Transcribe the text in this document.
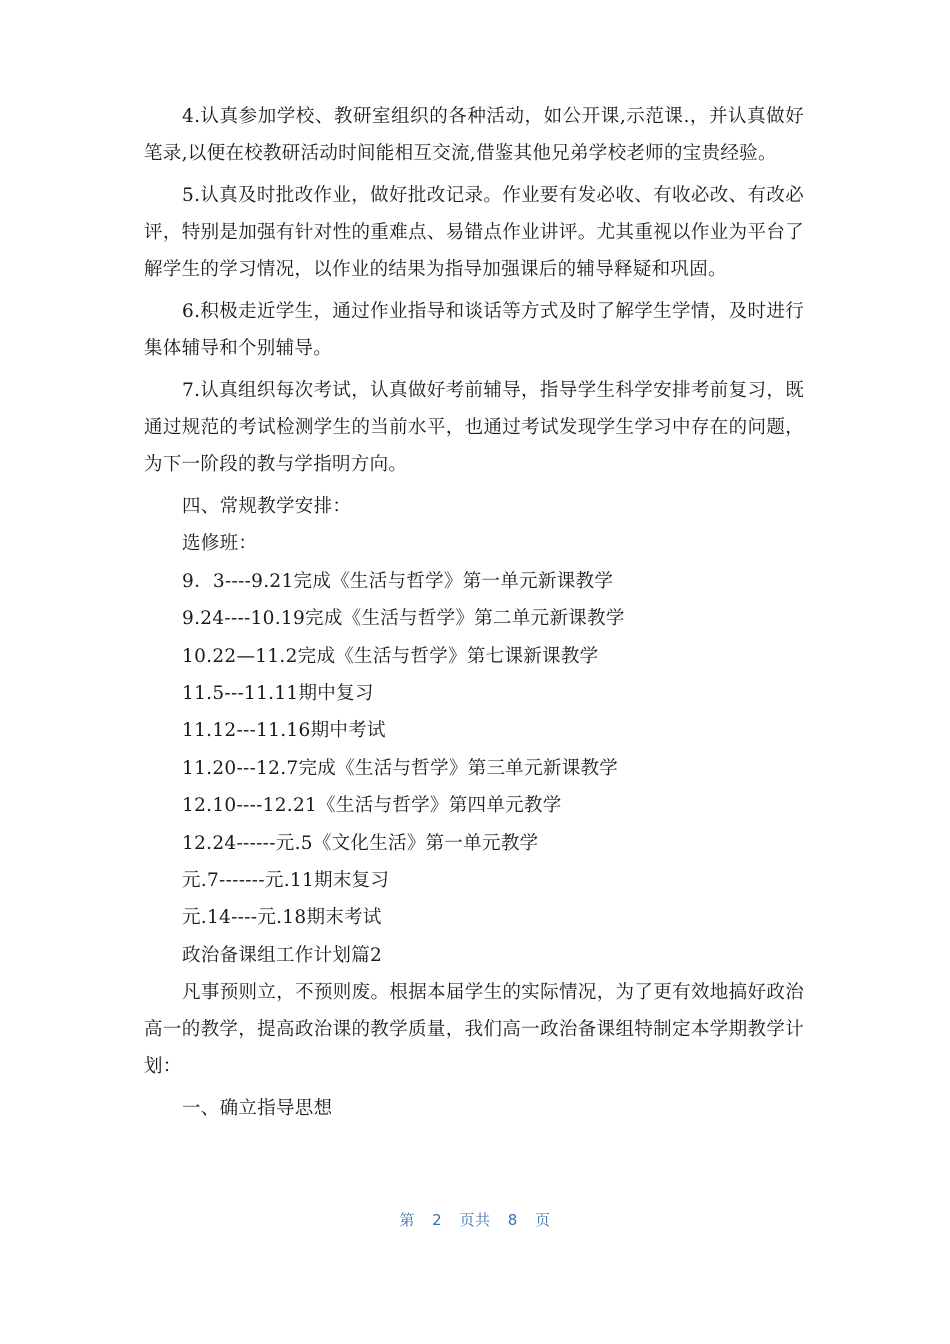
4.认真参加学校、教研室组织的各种活动，如公开课,示范课.，并认真做好笔录,以便在校教研活动时间能相互交流,借鉴其他兄弟学校老师的宝贵经验。

5.认真及时批改作业，做好批改记录。作业要有发必收、有收必改、有改必评，特别是加强有针对性的重难点、易错点作业讲评。尤其重视以作业为平台了解学生的学习情况，以作业的结果为指导加强课后的辅导释疑和巩固。

6.积极走近学生，通过作业指导和谈话等方式及时了解学生学情，及时进行集体辅导和个别辅导。

7.认真组织每次考试，认真做好考前辅导，指导学生科学安排考前复习，既通过规范的考试检测学生的当前水平，也通过考试发现学生学习中存在的问题，为下一阶段的教与学指明方向。

四、常规教学安排：

选修班：

9．3----9.21完成《生活与哲学》第一单元新课教学

9.24----10.19完成《生活与哲学》第二单元新课教学

10.22—11.2完成《生活与哲学》第七课新课教学

11.5---11.11期中复习

11.12---11.16期中考试

11.20---12.7完成《生活与哲学》第三单元新课教学

12.10----12.21《生活与哲学》第四单元教学

12.24------元.5《文化生活》第一单元教学

元.7-------元.11期末复习

元.14----元.18期末考试

政治备课组工作计划篇2

凡事预则立，不预则废。根据本届学生的实际情况，为了更有效地搞好政治高一的教学，提高政治课的教学质量，我们高一政治备课组特制定本学期教学计划：

一、确立指导思想

第 2 页共 8 页
